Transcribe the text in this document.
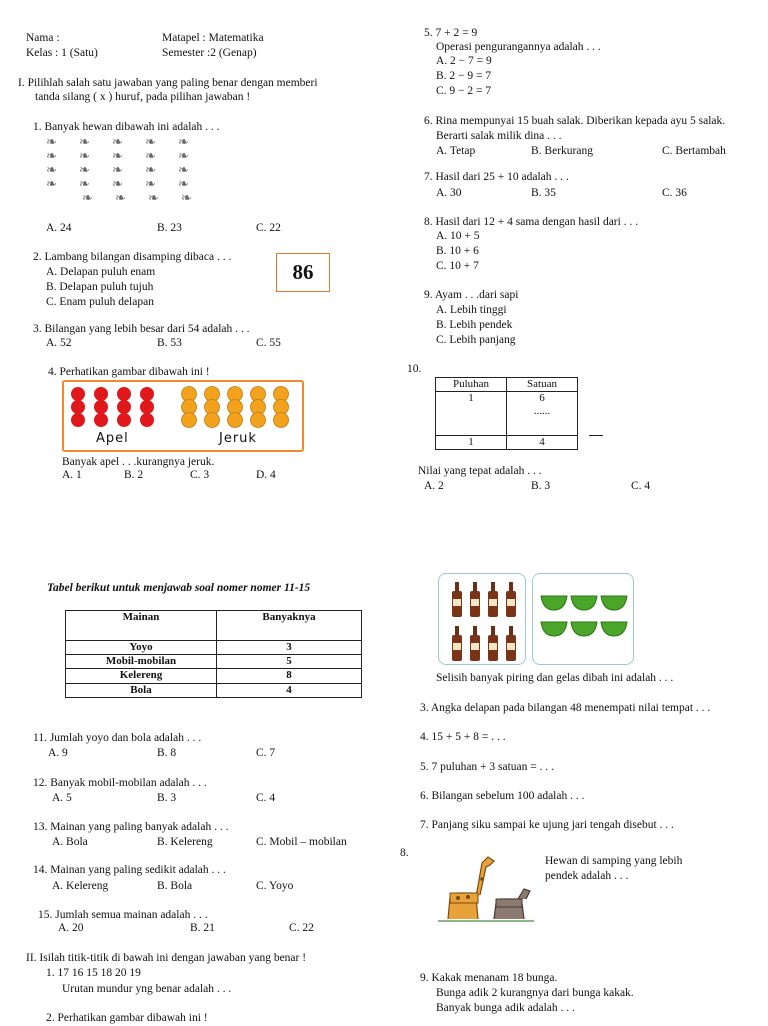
Nama :
Kelas : 1 (Satu)
Matapel : Matematika
Semester :2 (Genap)
I. Pilihlah salah satu jawaban yang paling benar dengan memberi
tanda silang ( x ) huruf, pada pilihan jawaban !
1. Banyak hewan dibawah ini adalah . . .
❧ ❧ ❧ ❧ ❧
❧ ❧ ❧ ❧ ❧
❧ ❧ ❧ ❧ ❧
❧ ❧ ❧ ❧ ❧
❧ ❧ ❧ ❧
A. 24	B. 23	C. 22
2. Lambang bilangan disamping dibaca . . .
A. Delapan puluh enam
B. Delapan puluh tujuh
C. Enam puluh delapan
86
3. Bilangan yang lebih besar dari 54 adalah . . .
A. 52	B. 53	C. 55
4. Perhatikan gambar dibawah ini !
Apel	Jeruk
Banyak apel . . .kurangnya jeruk.
A. 1	B. 2	C. 3	D. 4
5. 7 + 2 = 9
Operasi pengurangannya adalah . . .
A. 2 − 7 = 9
B. 2 − 9 = 7
C. 9 − 2 = 7
6. Rina mempunyai 15 buah salak. Diberikan kepada ayu 5 salak.
Berarti salak milik dina . . .
A. Tetap	B. Berkurang	C. Bertambah
7. Hasil dari 25 + 10 adalah . . .
A. 30	B. 35	C. 36
8. Hasil dari 12 + 4 sama dengan hasil dari . . .
A. 10 + 5
B. 10 + 6
C. 10 + 7
9. Ayam . . .dari sapi
A. Lebih tinggi
B. Lebih pendek
C. Lebih panjang
10.
Puluhan	Satuan
1	6
......

1	4
Nilai yang tepat adalah . . .
A. 2	B. 3	C. 4
Tabel berikut untuk menjawab soal nomer nomer 11-15
Mainan	Banyaknya
Yoyo	3
Mobil-mobilan	5
Kelereng	8
Bola	4
11. Jumlah yoyo dan bola adalah . . .
A. 9	B. 8	C. 7
12. Banyak mobil-mobilan adalah . . .
A. 5	B. 3	C. 4
13. Mainan yang paling banyak adalah . . .
A. Bola	B. Kelereng	C. Mobil – mobilan
14. Mainan yang paling sedikit adalah . . .
A. Kelereng	B. Bola	C. Yoyo
15. Jumlah semua mainan adalah . . .
A. 20	B. 21	C. 22
II. Isilah titik-titik di bawah ini dengan jawaban yang benar !
1. 17 16 15 18 20 19
Urutan mundur yng benar adalah . . .
2. Perhatikan gambar dibawah ini !
Selisih banyak piring dan gelas dibah ini adalah . . .
3. Angka delapan pada bilangan 48 menempati nilai tempat . . .
4. 15 + 5 + 8 = . . .
5. 7 puluhan + 3 satuan = . . .
6. Bilangan sebelum 100 adalah . . .
7. Panjang siku sampai ke ujung jari tengah disebut . . .
8.
Hewan di samping yang lebih
pendek adalah . . .
9. Kakak menanam 18 bunga.
Bunga adik 2 kurangnya dari bunga kakak.
Banyak bunga adik adalah . . .
